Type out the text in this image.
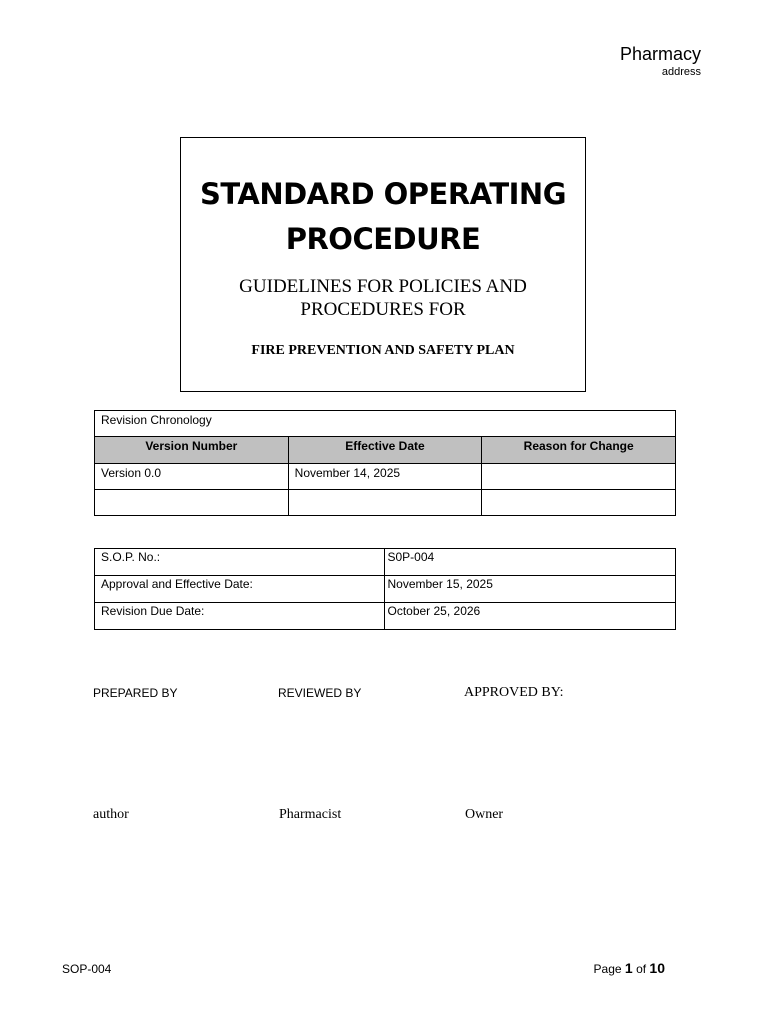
Pharmacy
address
STANDARD OPERATING
PROCEDURE
GUIDELINES FOR POLICIES AND
PROCEDURES FOR
FIRE PREVENTION AND SAFETY PLAN
Revision Chronology		
Version Number	Effective Date	Reason for Change
Version 0.0	November 14, 2025	

S.O.P. No.:	S0P-004
Approval and Effective Date:	November 15, 2025
Revision Due Date:	October 25, 2026
PREPARED BY	REVIEWED BY	APPROVED BY:
author	Pharmacist	Owner
SOP-004	Page 1 of 10
